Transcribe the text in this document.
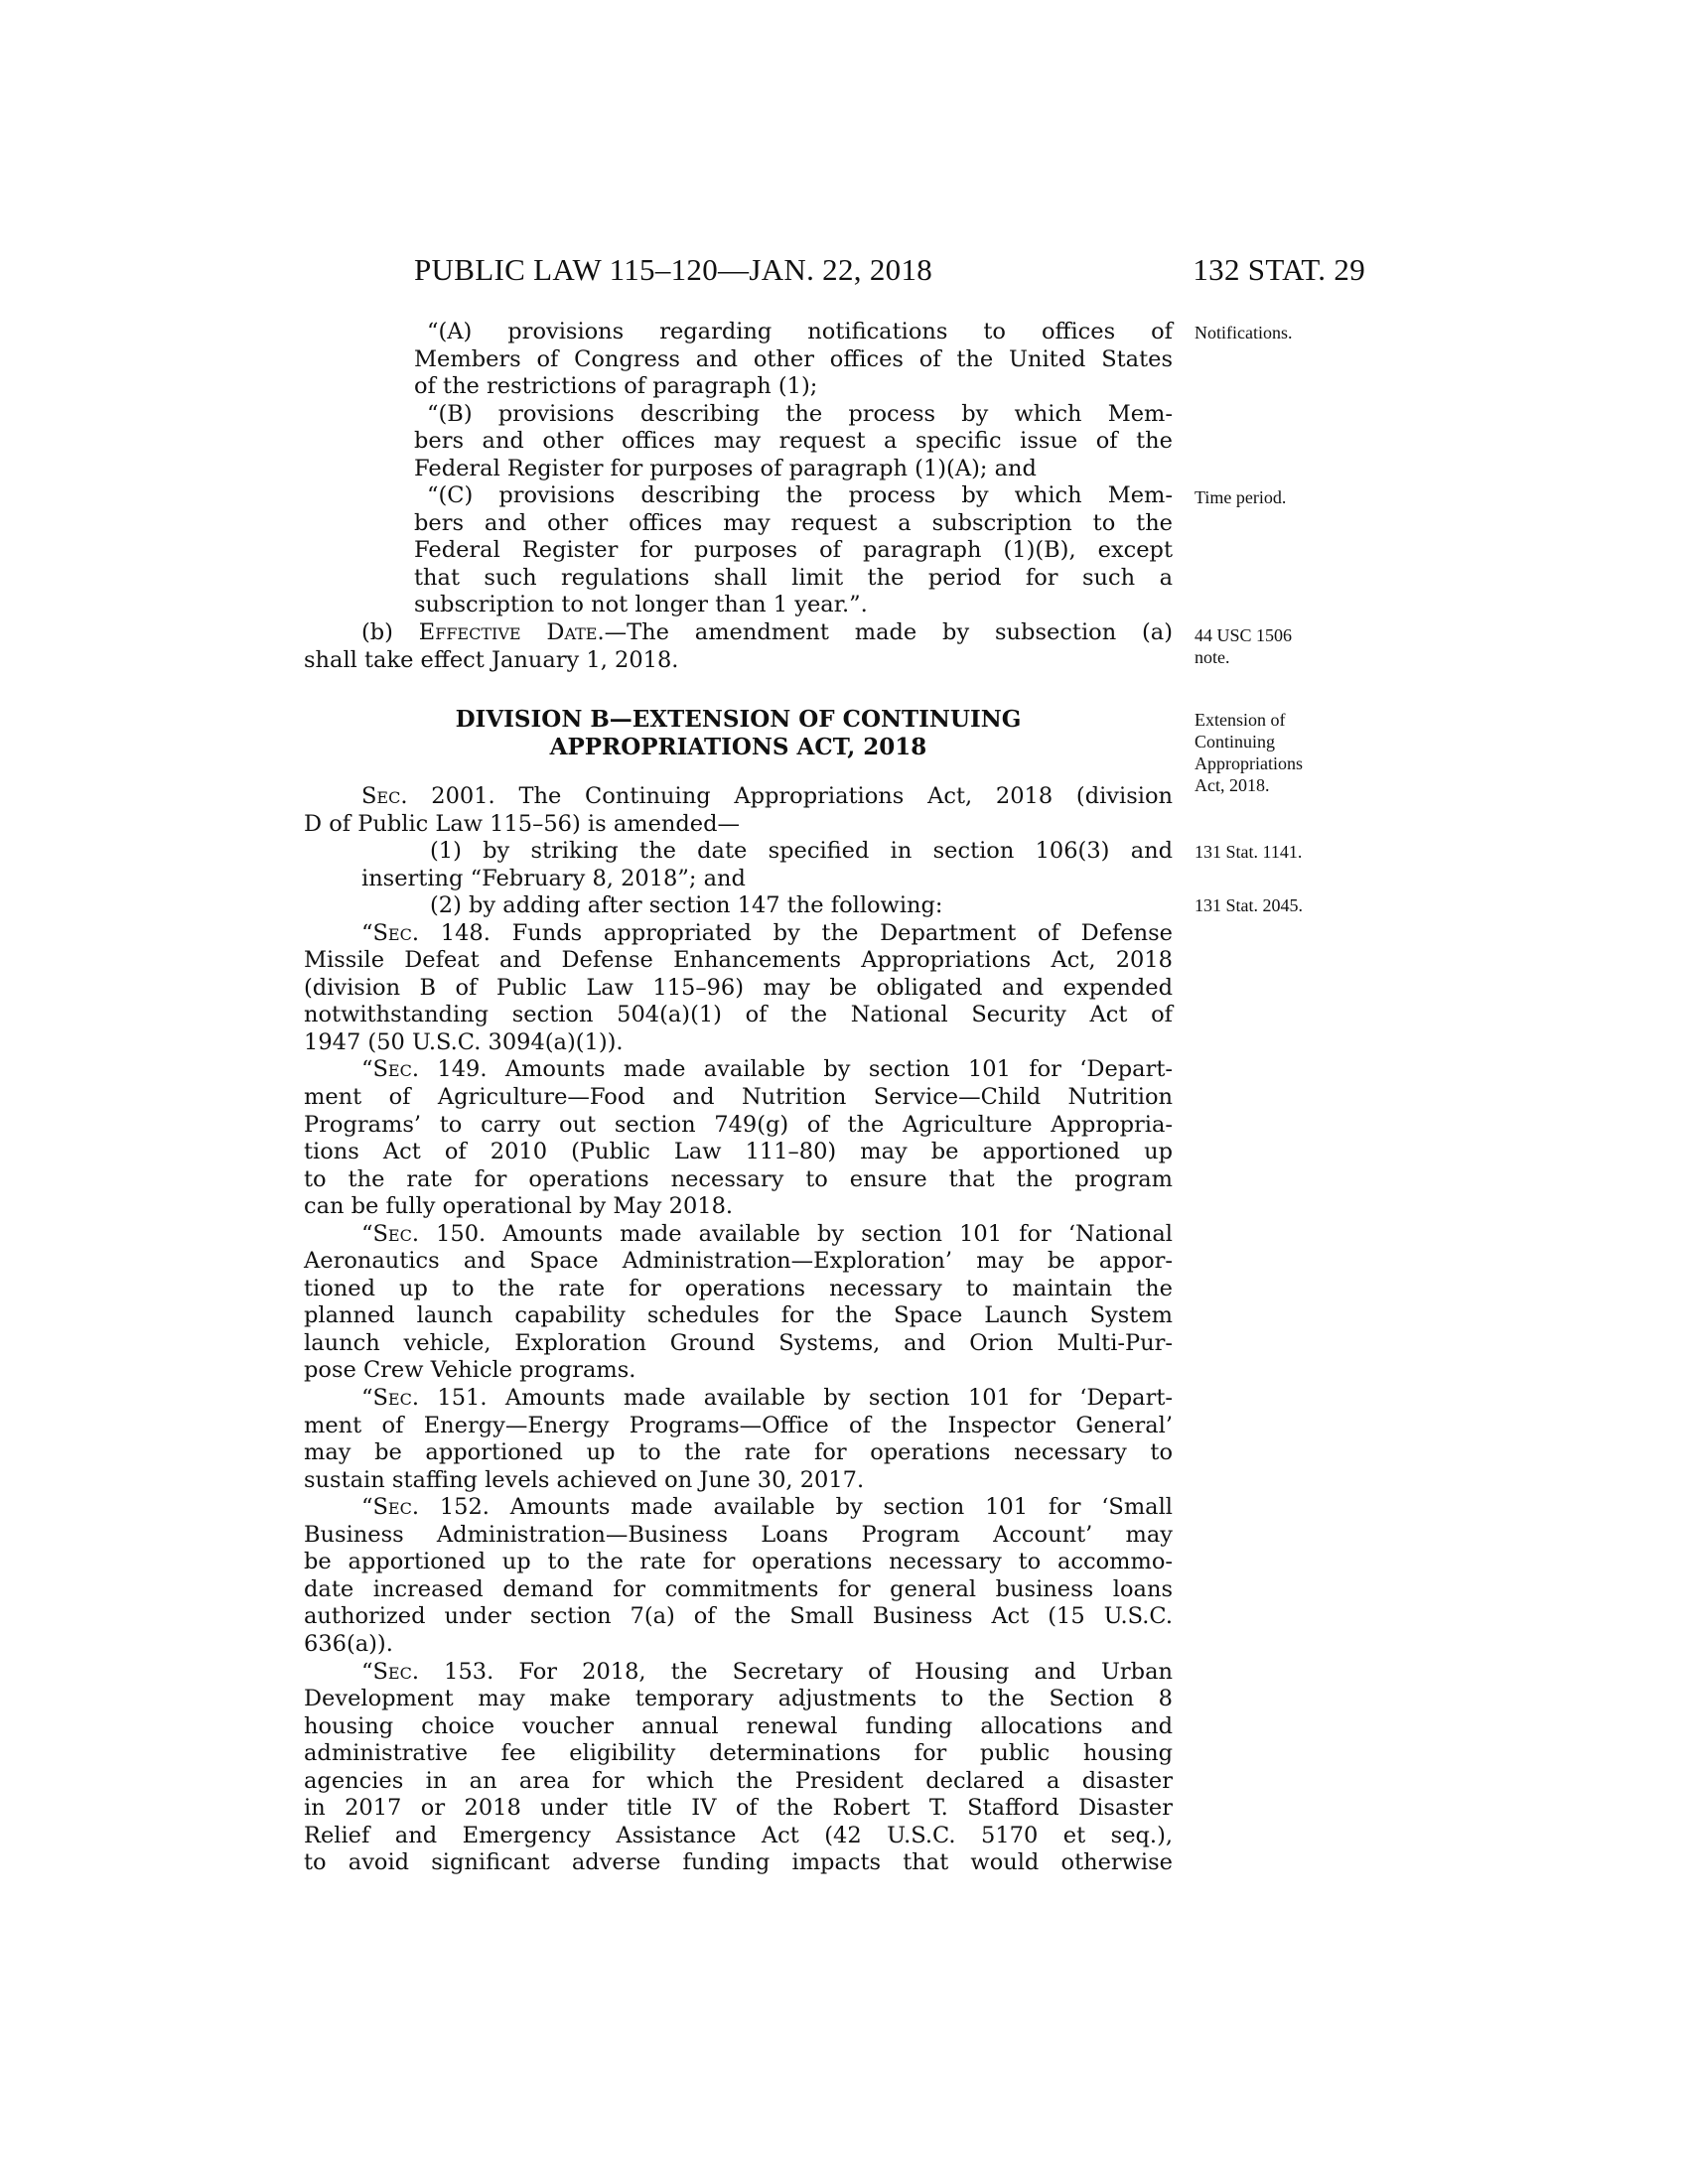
PUBLIC LAW 115–120—JAN. 22, 2018	132 STAT. 29
“(A) provisions regarding notifications to offices of
Members of Congress and other offices of the United States
of the restrictions of paragraph (1);
“(B) provisions describing the process by which Mem-
bers and other offices may request a specific issue of the
Federal Register for purposes of paragraph (1)(A); and
“(C) provisions describing the process by which Mem-
bers and other offices may request a subscription to the
Federal Register for purposes of paragraph (1)(B), except
that such regulations shall limit the period for such a
subscription to not longer than 1 year.”.
(b) Effective Date.—The amendment made by subsection (a)
shall take effect January 1, 2018.
DIVISION B—EXTENSION OF CONTINUING
APPROPRIATIONS ACT, 2018
Sec. 2001. The Continuing Appropriations Act, 2018 (division
D of Public Law 115–56) is amended—
(1) by striking the date specified in section 106(3) and
inserting “February 8, 2018”; and
(2) by adding after section 147 the following:
“Sec. 148. Funds appropriated by the Department of Defense
Missile Defeat and Defense Enhancements Appropriations Act, 2018
(division B of Public Law 115–96) may be obligated and expended
notwithstanding section 504(a)(1) of the National Security Act of
1947 (50 U.S.C. 3094(a)(1)).
“Sec. 149. Amounts made available by section 101 for ‘Depart-
ment of Agriculture—Food and Nutrition Service—Child Nutrition
Programs’ to carry out section 749(g) of the Agriculture Appropria-
tions Act of 2010 (Public Law 111–80) may be apportioned up
to the rate for operations necessary to ensure that the program
can be fully operational by May 2018.
“Sec. 150. Amounts made available by section 101 for ‘National
Aeronautics and Space Administration—Exploration’ may be appor-
tioned up to the rate for operations necessary to maintain the
planned launch capability schedules for the Space Launch System
launch vehicle, Exploration Ground Systems, and Orion Multi-Pur-
pose Crew Vehicle programs.
“Sec. 151. Amounts made available by section 101 for ‘Depart-
ment of Energy—Energy Programs—Office of the Inspector General’
may be apportioned up to the rate for operations necessary to
sustain staffing levels achieved on June 30, 2017.
“Sec. 152. Amounts made available by section 101 for ‘Small
Business Administration—Business Loans Program Account’ may
be apportioned up to the rate for operations necessary to accommo-
date increased demand for commitments for general business loans
authorized under section 7(a) of the Small Business Act (15 U.S.C.
636(a)).
“Sec. 153. For 2018, the Secretary of Housing and Urban
Development may make temporary adjustments to the Section 8
housing choice voucher annual renewal funding allocations and
administrative fee eligibility determinations for public housing
agencies in an area for which the President declared a disaster
in 2017 or 2018 under title IV of the Robert T. Stafford Disaster
Relief and Emergency Assistance Act (42 U.S.C. 5170 et seq.),
to avoid significant adverse funding impacts that would otherwise
Notifications.
Time period.
44 USC 1506
note.
Extension of
Continuing
Appropriations
Act, 2018.
131 Stat. 1141.
131 Stat. 2045.
